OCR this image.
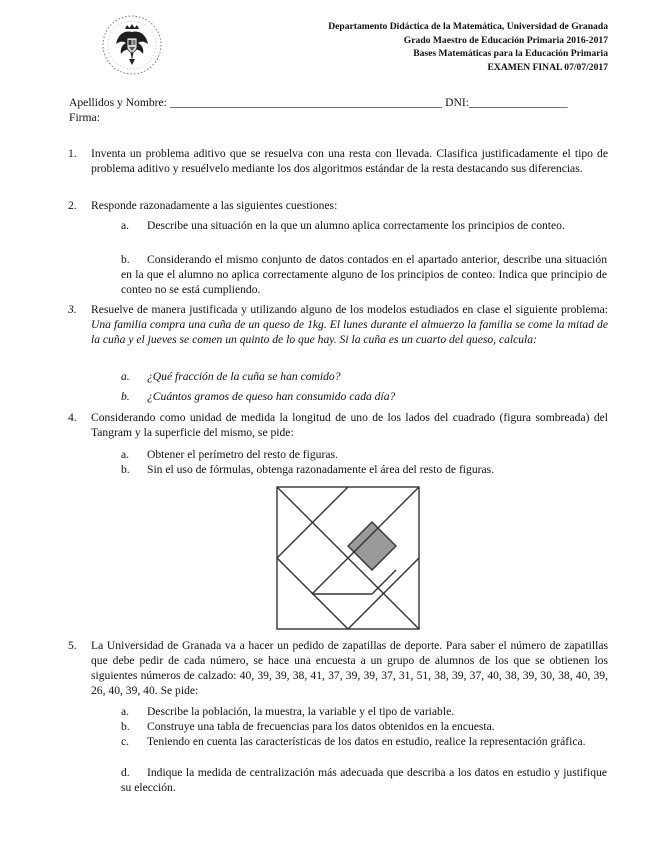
Departamento Didáctica de la Matemática, Universidad de Granada
Grado Maestro de Educación Primaria 2016-2017
Bases Matemáticas para la Educación Primaria
EXAMEN FINAL 07/07/2017
Apellidos y Nombre: _______________________________________________ DNI:_________________
Firma:
1.	Inventa un problema aditivo que se resuelva con una resta con llevada. Clasifica justificadamente el tipo de problema aditivo y resuélvelo mediante los dos algoritmos estándar de la resta destacando sus diferencias.
2.	Responde razonadamente a las siguientes cuestiones:
a. Describe una situación en la que un alumno aplica correctamente los principios de conteo.
b. Considerando el mismo conjunto de datos contados en el apartado anterior, describe una situación en la que el alumno no aplica correctamente alguno de los principios de conteo. Indica que principio de conteo no se está cumpliendo.
3.	Resuelve de manera justificada y utilizando alguno de los modelos estudiados en clase el siguiente problema: Una familia compra una cuña de un queso de 1kg. El lunes durante el almuerzo la familia se come la mitad de la cuña y el jueves se comen un quinto de lo que hay. Si la cuña es un cuarto del queso, calcula:
a. ¿Qué fracción de la cuña se han comido?
b. ¿Cuántos gramos de queso han consumido cada día?
4.	Considerando como unidad de medida la longitud de uno de los lados del cuadrado (figura sombreada) del Tangram y la superficie del mismo, se pide:
a. Obtener el perímetro del resto de figuras.
b. Sin el uso de fórmulas, obtenga razonadamente el área del resto de figuras.
5.	La Universidad de Granada va a hacer un pedido de zapatillas de deporte. Para saber el número de zapatillas que debe pedir de cada número, se hace una encuesta a un grupo de alumnos de los que se obtienen los siguientes números de calzado: 40, 39, 39, 38, 41, 37, 39, 39, 37, 31, 51, 38, 39, 37, 40, 38, 39, 30, 38, 40, 39, 26, 40, 39, 40. Se pide:
a. Describe la población, la muestra, la variable y el tipo de variable.
b. Construye una tabla de frecuencias para los datos obtenidos en la encuesta.
c. Teniendo en cuenta las características de los datos en estudio, realice la representación gráfica.
d. Indique la medida de centralización más adecuada que describa a los datos en estudio y justifique su elección.
